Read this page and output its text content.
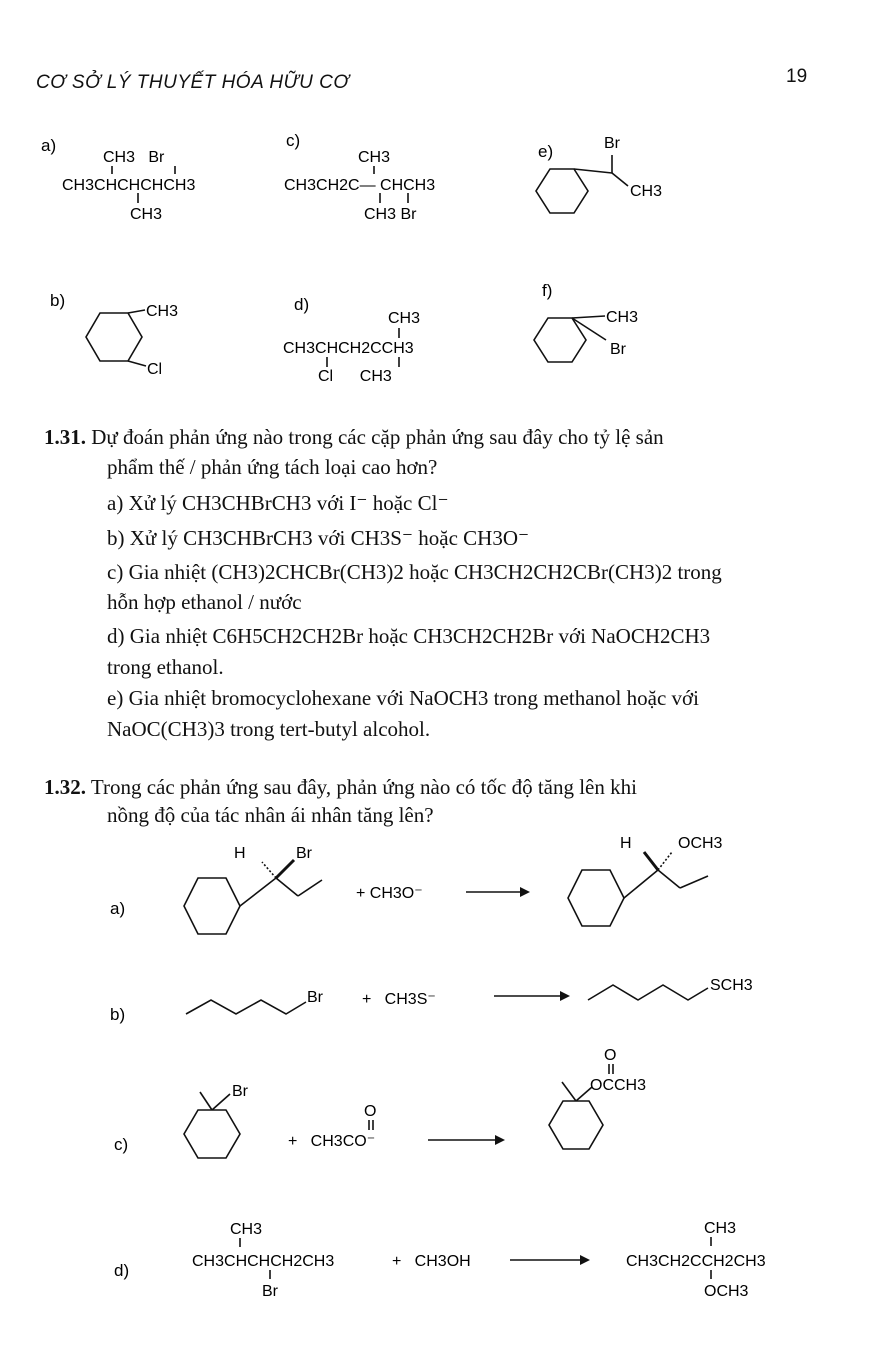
CƠ SỞ LÝ THUYẾT HÓA HỮU CƠ	19
a)
CH3   Br
CH3CHCHCHCH3
CH3
b)
CH3
Cl
c)
CH3
CH3CH2C— CHCH3
CH3 Br
d)
CH3
CH3CHCH2CCH3
Cl      CH3
e)	Br
CH3
f)
CH3
Br
1.31. Dự đoán phản ứng nào trong các cặp phản ứng sau đây cho tỷ lệ sản
phẩm thế / phản ứng tách loại cao hơn?
a) Xử lý CH3CHBrCH3 với I⁻ hoặc Cl⁻
b) Xử lý CH3CHBrCH3 với CH3S⁻ hoặc CH3O⁻
c) Gia nhiệt (CH3)2CHCBr(CH3)2 hoặc CH3CH2CH2CBr(CH3)2 trong
hỗn hợp ethanol / nước
d) Gia nhiệt C6H5CH2CH2Br hoặc CH3CH2CH2Br với NaOCH2CH3
trong ethanol.
e) Gia nhiệt bromocyclohexane với NaOCH3 trong methanol hoặc với
NaOC(CH3)3 trong tert-butyl alcohol.
1.32. Trong các phản ứng sau đây, phản ứng nào có tốc độ tăng lên khi
nồng độ của tác nhân ái nhân tăng lên?
a)
H	Br
+ CH3O⁻
H	OCH3
b)
Br +   CH3S⁻
SCH3
c)
Br
O
+   CH3CO⁻
O
OCCH3
d)
CH3
CH3CHCHCH2CH3
Br
+   CH3OH
CH3
CH3CH2CCH2CH3
OCH3
